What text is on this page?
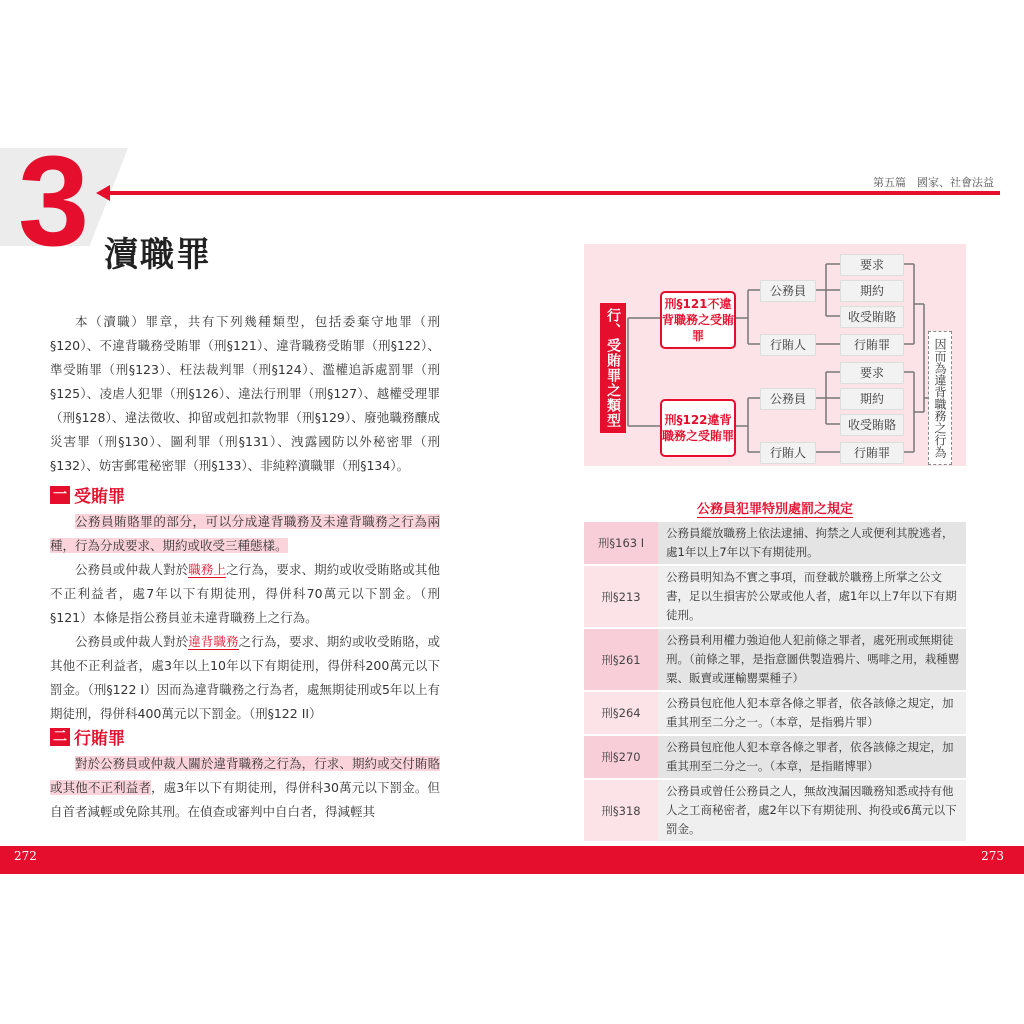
3	第五篇　國家、社會法益
瀆職罪

本（瀆職）罪章，共有下列幾種類型，包括委棄守地罪（刑§120）、不違背職務受賄罪（刑§121）、違背職務受賄罪（刑§122）、準受賄罪（刑§123）、枉法裁判罪（刑§124）、濫權追訴處罰罪（刑§125）、凌虐人犯罪（刑§126）、違法行刑罪（刑§127）、越權受理罪（刑§128）、違法徵收、抑留或剋扣款物罪（刑§129）、廢弛職務釀成災害罪（刑§130）、圖利罪（刑§131）、洩露國防以外秘密罪（刑§132）、妨害郵電秘密罪（刑§133）、非純粹瀆職罪（刑§134）。

一 受賄罪

公務員賄賂罪的部分，可以分成違背職務及未違背職務之行為兩種，行為分成要求、期約或收受三種態樣。

公務員或仲裁人對於職務上之行為，要求、期約或收受賄賂或其他不正利益者，處7年以下有期徒刑，得併科70萬元以下罰金。（刑§121）本條是指公務員並未違背職務上之行為。

公務員或仲裁人對於違背職務之行為，要求、期約或收受賄賂，或其他不正利益者，處3年以上10年以下有期徒刑，得併科200萬元以下罰金。（刑§122 I）因而為違背職務之行為者，處無期徒刑或5年以上有期徒刑，得併科400萬元以下罰金。（刑§122 II）

二 行賄罪

對於公務員或仲裁人關於違背職務之行為，行求、期約或交付賄賂或其他不正利益者，處3年以下有期徒刑，得併科30萬元以下罰金。但自首者減輕或免除其刑。在偵查或審判中自白者，得減輕其

行、受賄罪之類型
刑§121不違背職務之受賄罪
刑§122違背職務之受賄罪
公務員
行賄人
要求
期約
收受賄賂
行賄罪
公務員
行賄人
要求
期約
收受賄賂
行賄罪	因而為違背職務之行為
公務員犯罪特別處罰之規定
刑§163 I	公務員縱放職務上依法逮捕、拘禁之人或便利其脫逃者，處1年以上7年以下有期徒刑。
刑§213	公務員明知為不實之事項，而登載於職務上所掌之公文書，足以生損害於公眾或他人者，處1年以上7年以下有期徒刑。
刑§261	公務員利用權力強迫他人犯前條之罪者，處死刑或無期徒刑。（前條之罪，是指意圖供製造鴉片、嗎啡之用，栽種罌粟、販賣或運輸罌粟種子）
刑§264	公務員包庇他人犯本章各條之罪者，依各該條之規定，加重其刑至二分之一。（本章，是指鴉片罪）
刑§270	公務員包庇他人犯本章各條之罪者，依各該條之規定，加重其刑至二分之一。（本章，是指賭博罪）
刑§318	公務員或曾任公務員之人，無故洩漏因職務知悉或持有他人之工商秘密者，處2年以下有期徒刑、拘役或6萬元以下罰金。
272	273
